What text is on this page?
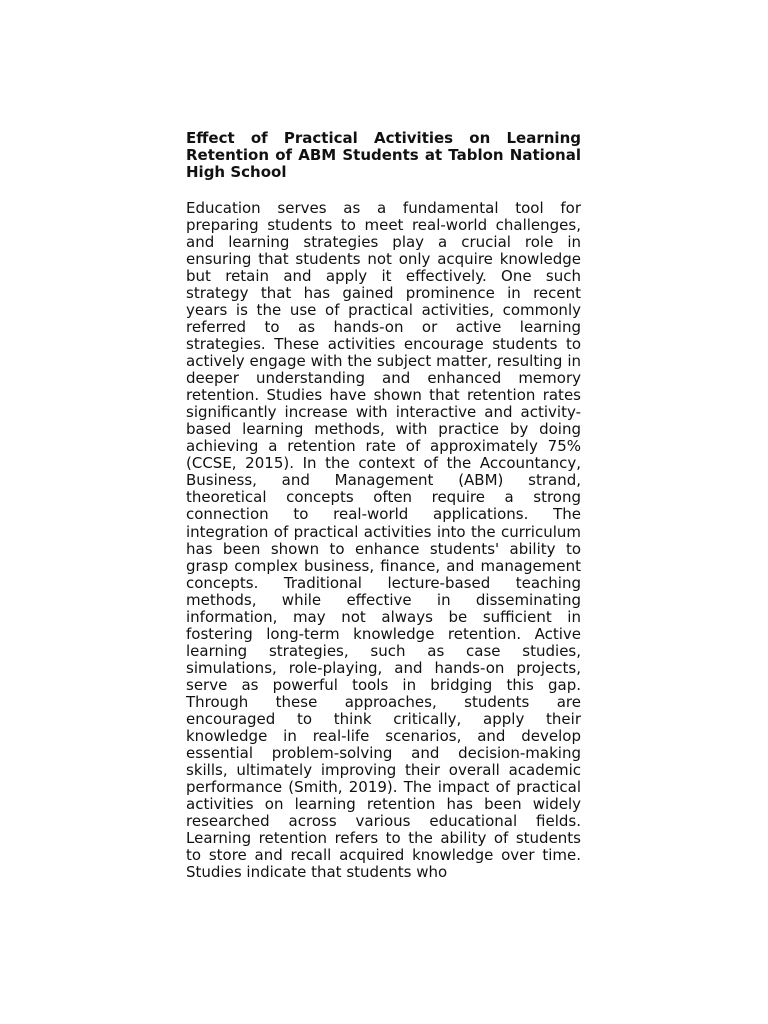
Effect of Practical Activities on Learning Retention of ABM Students at Tablon National High School

Education serves as a fundamental tool for preparing students to meet real-world challenges, and learning strategies play a crucial role in ensuring that students not only acquire knowledge but retain and apply it effectively. One such strategy that has gained prominence in recent years is the use of practical activities, commonly referred to as hands-on or active learning strategies. These activities encourage students to actively engage with the subject matter, resulting in deeper understanding and enhanced memory retention. Studies have shown that retention rates significantly increase with interactive and activity-based learning methods, with practice by doing achieving a retention rate of approximately 75% (CCSE, 2015). In the context of the Accountancy, Business, and Management (ABM) strand, theoretical concepts often require a strong connection to real-world applications. The integration of practical activities into the curriculum has been shown to enhance students' ability to grasp complex business, finance, and management concepts. Traditional lecture-based teaching methods, while effective in disseminating information, may not always be sufficient in fostering long-term knowledge retention. Active learning strategies, such as case studies, simulations, role-playing, and hands-on projects, serve as powerful tools in bridging this gap. Through these approaches, students are encouraged to think critically, apply their knowledge in real-life scenarios, and develop essential problem-solving and decision-making skills, ultimately improving their overall academic performance (Smith, 2019). The impact of practical activities on learning retention has been widely researched across various educational fields. Learning retention refers to the ability of students to store and recall acquired knowledge over time. Studies indicate that students who
